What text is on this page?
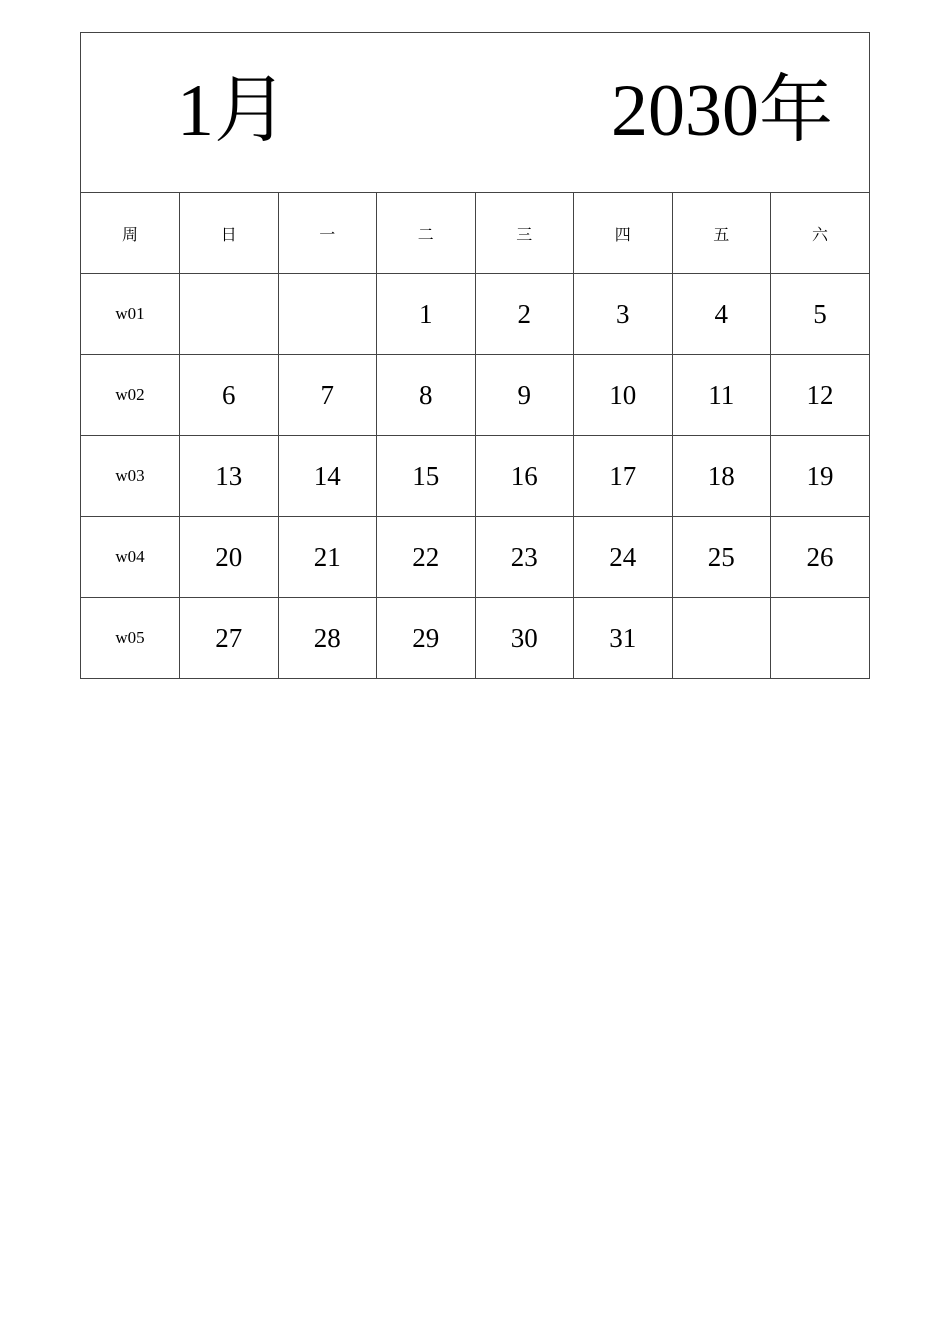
1月	2030年
周	日	一	二	三	四	五	六
w01			1	2	3	4	5
w02	6	7	8	9	10	11	12
w03	13	14	15	16	17	18	19
w04	20	21	22	23	24	25	26
w05	27	28	29	30	31		
